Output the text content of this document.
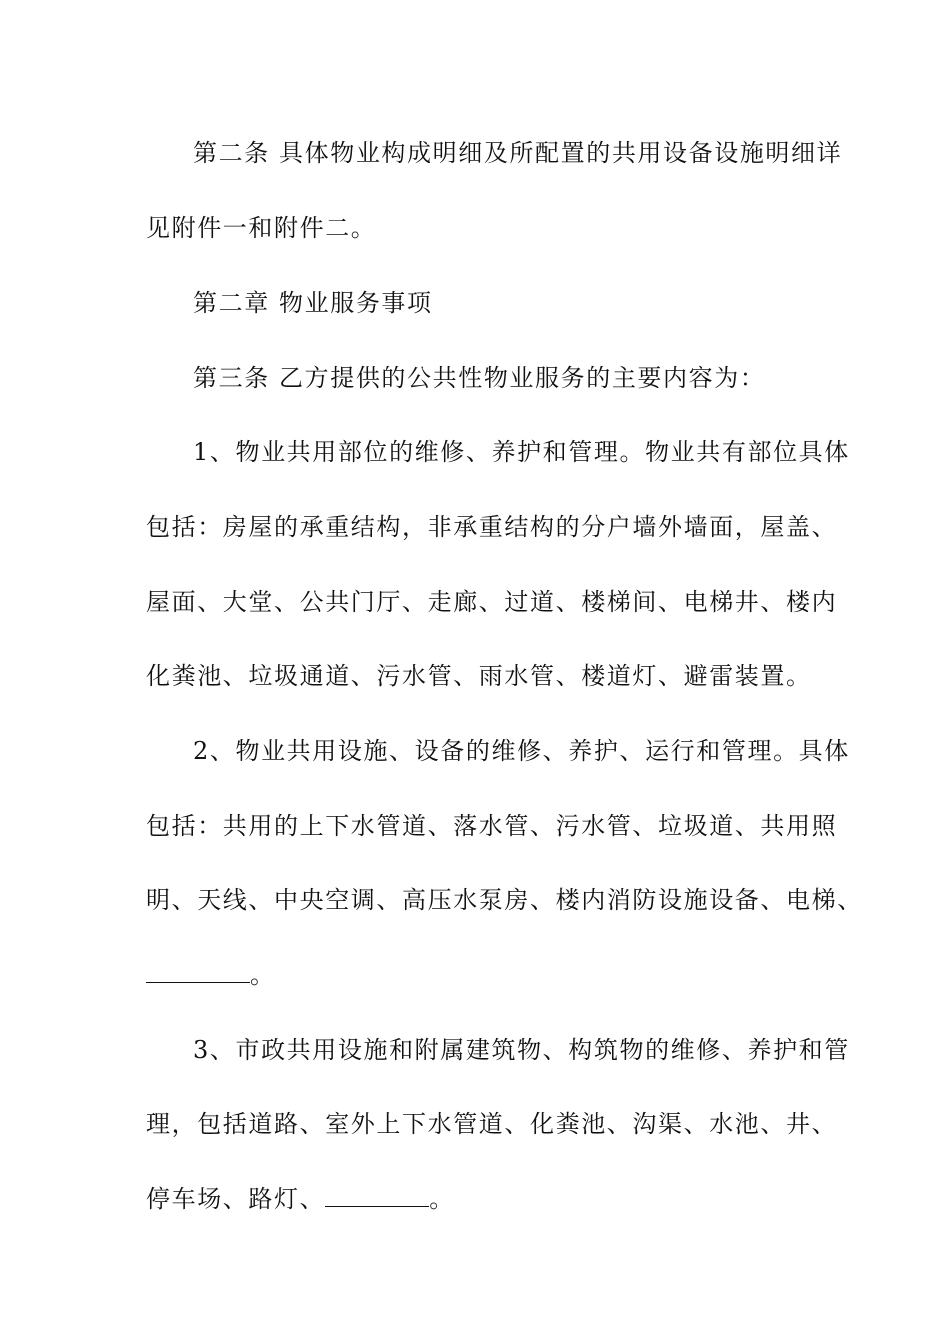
第二条 具体物业构成明细及所配置的共用设备设施明细详
见附件一和附件二。
第二章 物业服务事项
第三条 乙方提供的公共性物业服务的主要内容为：
1、物业共用部位的维修、养护和管理。物业共有部位具体
包括：房屋的承重结构，非承重结构的分户墙外墙面，屋盖、
屋面、大堂、公共门厅、走廊、过道、楼梯间、电梯井、楼内
化粪池、垃圾通道、污水管、雨水管、楼道灯、避雷装置。
2、物业共用设施、设备的维修、养护、运行和管理。具体
包括：共用的上下水管道、落水管、污水管、垃圾道、共用照
明、天线、中央空调、高压水泵房、楼内消防设施设备、电梯、
。
3、市政共用设施和附属建筑物、构筑物的维修、养护和管
理，包括道路、室外上下水管道、化粪池、沟渠、水池、井、
停车场、路灯、	。
